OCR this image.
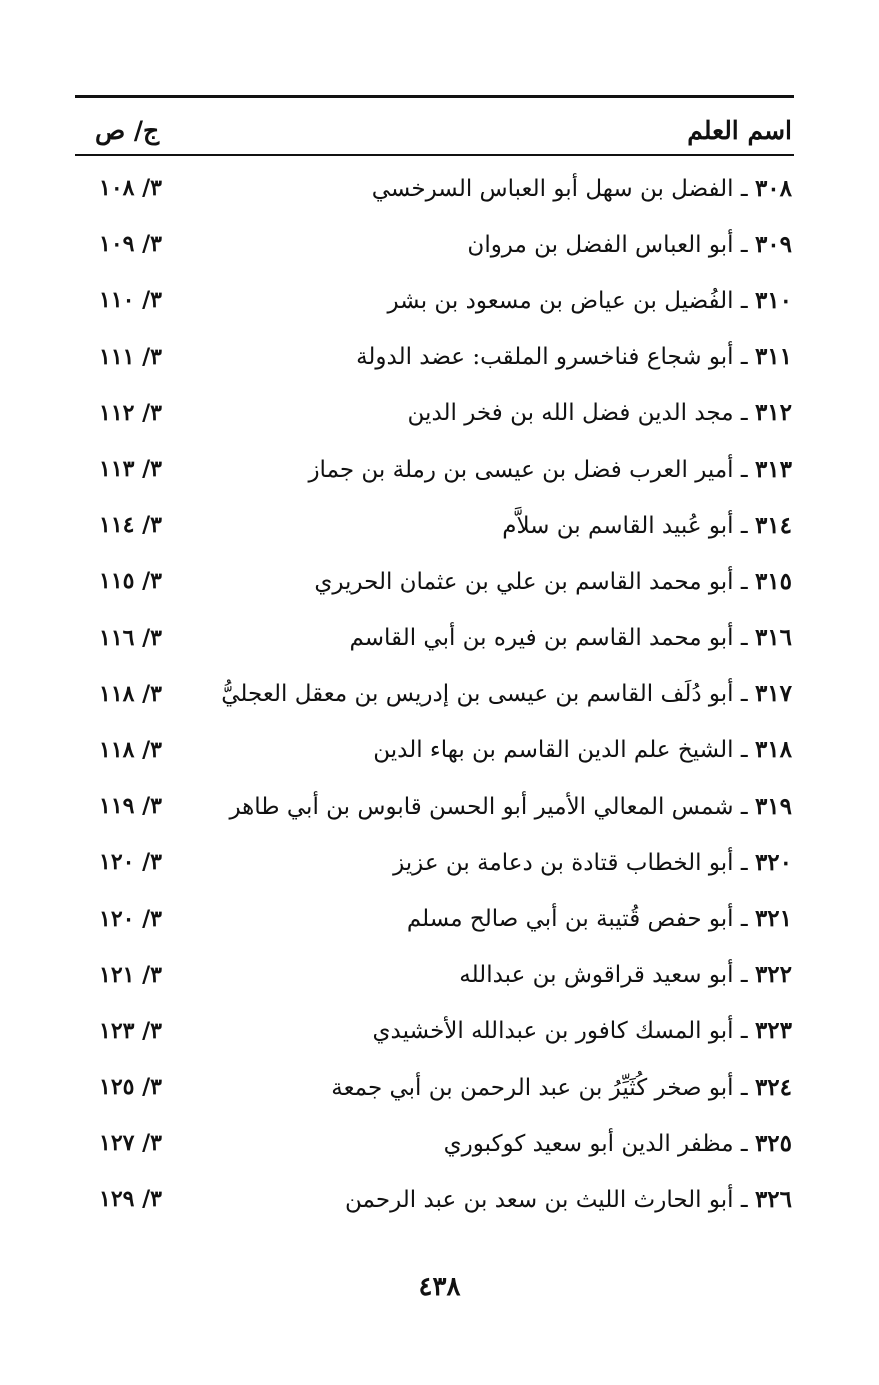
اسم العلم
ج/ ص
٣٠٨ ـ الفضل بن سهل أبو العباس السرخسي
٣/ ١٠٨
٣٠٩ ـ أبو العباس الفضل بن مروان
٣/ ١٠٩
٣١٠ ـ الفُضيل بن عياض بن مسعود بن بشر
٣/ ١١٠
٣١١ ـ أبو شجاع فناخسرو الملقب: عضد الدولة
٣/ ١١١
٣١٢ ـ مجد الدين فضل الله بن فخر الدين
٣/ ١١٢
٣١٣ ـ أمير العرب فضل بن عيسى بن رملة بن جماز
٣/ ١١٣
٣١٤ ـ أبو عُبيد القاسم بن سلاَّم
٣/ ١١٤
٣١٥ ـ أبو محمد القاسم بن علي بن عثمان الحريري
٣/ ١١٥
٣١٦ ـ أبو محمد القاسم بن فيره بن أبي القاسم
٣/ ١١٦
٣١٧ ـ أبو دُلَف القاسم بن عيسى بن إدريس بن معقل العجليُّ
٣/ ١١٨
٣١٨ ـ الشيخ علم الدين القاسم بن بهاء الدين
٣/ ١١٨
٣١٩ ـ شمس المعالي الأمير أبو الحسن قابوس بن أبي طاهر
٣/ ١١٩
٣٢٠ ـ أبو الخطاب قتادة بن دعامة بن عزيز
٣/ ١٢٠
٣٢١ ـ أبو حفص قُتيبة بن أبي صالح مسلم
٣/ ١٢٠
٣٢٢ ـ أبو سعيد قراقوش بن عبدالله
٣/ ١٢١
٣٢٣ ـ أبو المسك كافور بن عبدالله الأخشيدي
٣/ ١٢٣
٣٢٤ ـ أبو صخر كُثَيِّرُ بن عبد الرحمن بن أبي جمعة
٣/ ١٢٥
٣٢٥ ـ مظفر الدين أبو سعيد كوكبوري
٣/ ١٢٧
٣٢٦ ـ أبو الحارث الليث بن سعد بن عبد الرحمن
٣/ ١٢٩
٤٣٨
